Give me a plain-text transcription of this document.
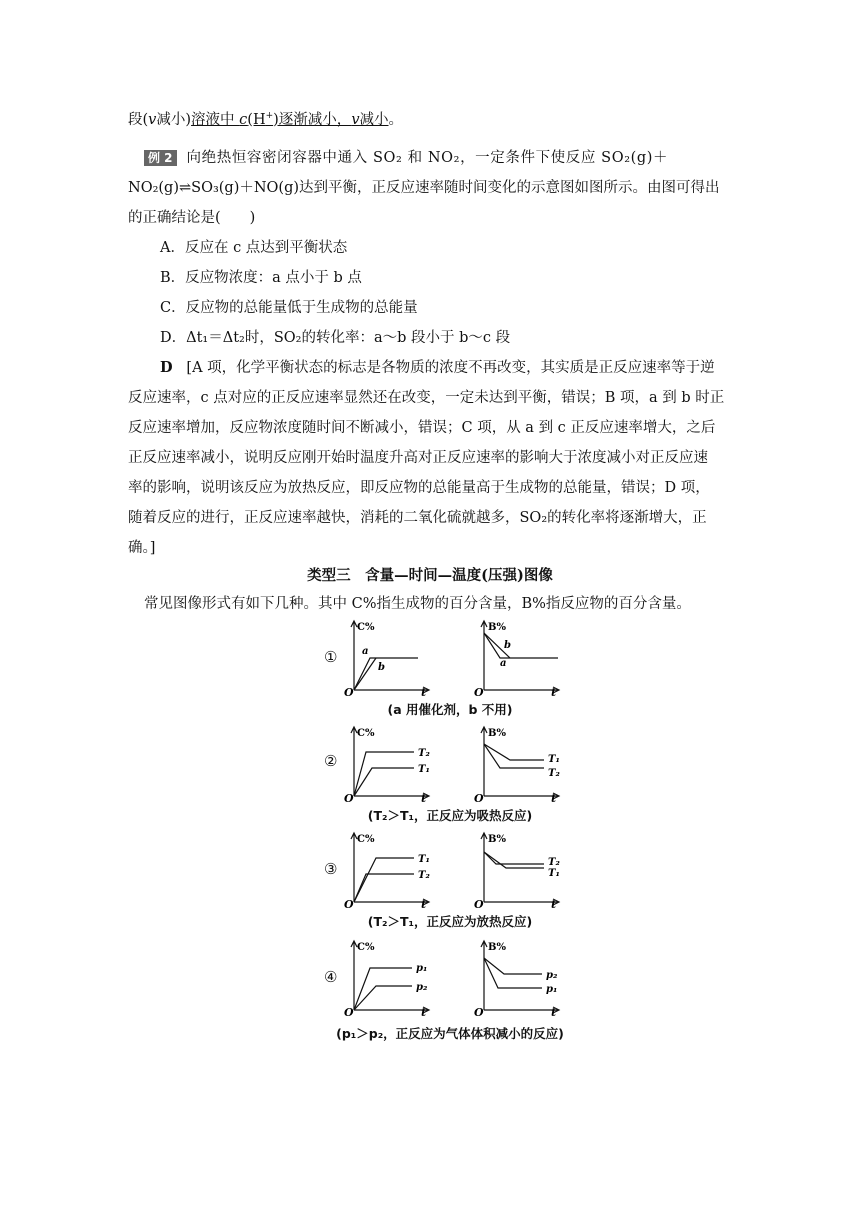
段(v减小)溶液中 c(H+)逐渐减小，v减小。
例 2 向绝热恒容密闭容器中通入 SO₂ 和 NO₂，一定条件下使反应 SO₂(g)＋
NO₂(g)⇌SO₃(g)＋NO(g)达到平衡，正反应速率随时间变化的示意图如图所示。由图可得出
的正确结论是(　　)
A．反应在 c 点达到平衡状态
B．反应物浓度：a 点小于 b 点
C．反应物的总能量低于生成物的总能量
D．Δt₁＝Δt₂时，SO₂的转化率：a～b 段小于 b～c 段
D [A 项，化学平衡状态的标志是各物质的浓度不再改变，其实质是正反应速率等于逆
反应速率，c 点对应的正反应速率显然还在改变，一定未达到平衡，错误；B 项，a 到 b 时正
反应速率增加，反应物浓度随时间不断减小，错误；C 项，从 a 到 c 正反应速率增大，之后
正反应速率减小，说明反应刚开始时温度升高对正反应速率的影响大于浓度减小对正反应速
率的影响，说明该反应为放热反应，即反应物的总能量高于生成物的总能量，错误；D 项，
随着反应的进行，正反应速率越快，消耗的二氧化硫就越多，SO₂的转化率将逐渐增大，正
确。]
类型三　含量—时间—温度(压强)图像
常见图像形式有如下几种。其中 C%指生成物的百分含量，B%指反应物的百分含量。
①
C%
O	t
a
b
B%
O	t
b
a
(a 用催化剂，b 不用)
②
C%
O	t
T₂
T₁
B%
O	t
T₁
T₂
(T₂＞T₁，正反应为吸热反应)
③
C%
O	t
T₁
T₂
B%
O	t
T₂
T₁
(T₂＞T₁，正反应为放热反应)
④
C%
O	t
p₁
p₂
B%
O	t
p₂
p₁
(p₁＞p₂，正反应为气体体积减小的反应)
